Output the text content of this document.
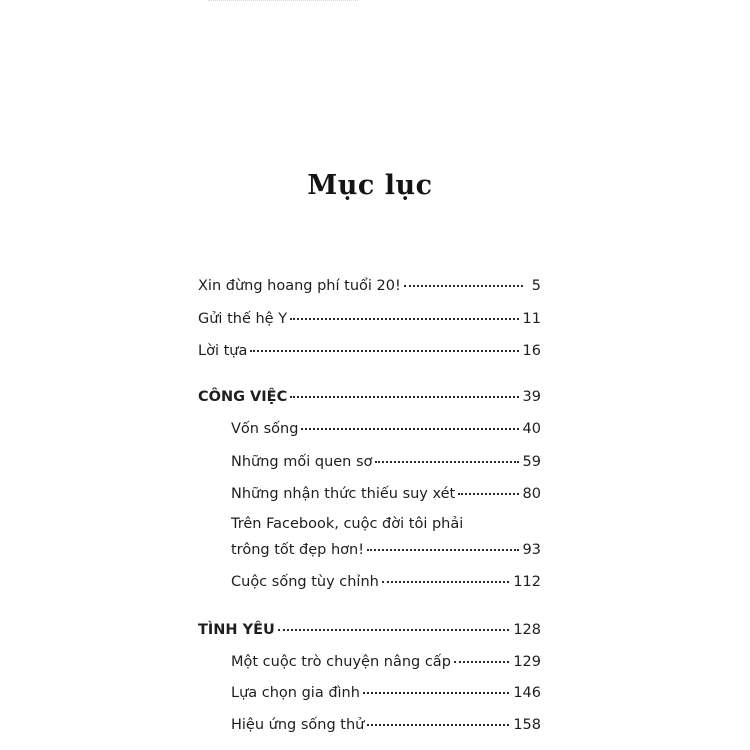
Mục lục
Xin đừng hoang phí tuổi 20!	5
Gửi thế hệ Y	11
Lời tựa	16
CÔNG VIỆC	39
Vốn sống	40
Những mối quen sơ	59
Những nhận thức thiếu suy xét	80
Trên Facebook, cuộc đời tôi phải
trông tốt đẹp hơn!	93
Cuộc sống tùy chỉnh	112
TÌNH YÊU	128
Một cuộc trò chuyện nâng cấp	129
Lựa chọn gia đình	146
Hiệu ứng sống thử	158
